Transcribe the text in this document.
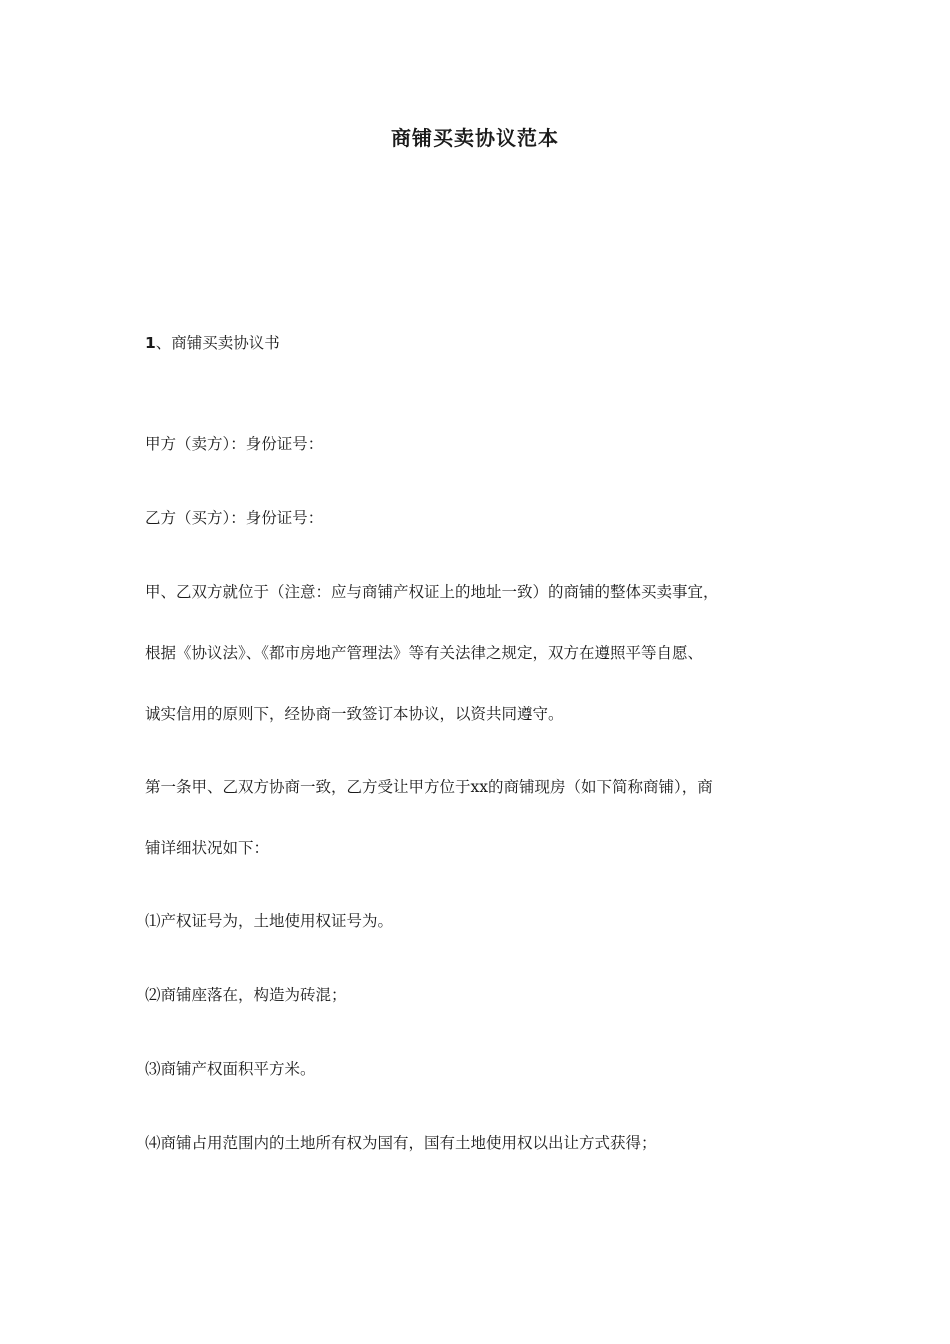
商铺买卖协议范本

1、商铺买卖协议书

甲方（卖方）：身份证号：

乙方（买方）：身份证号：

甲、乙双方就位于（注意：应与商铺产权证上的地址一致）的商铺的整体买卖事宜，

根据《协议法》、《都市房地产管理法》等有关法律之规定，双方在遵照平等自愿、

诚实信用的原则下，经协商一致签订本协议，以资共同遵守。

第一条甲、乙双方协商一致，乙方受让甲方位于xx的商铺现房（如下简称商铺），商

铺详细状况如下：

⑴产权证号为，土地使用权证号为。

⑵商铺座落在，构造为砖混；

⑶商铺产权面积平方米。

⑷商铺占用范围内的土地所有权为国有，国有土地使用权以出让方式获得；
